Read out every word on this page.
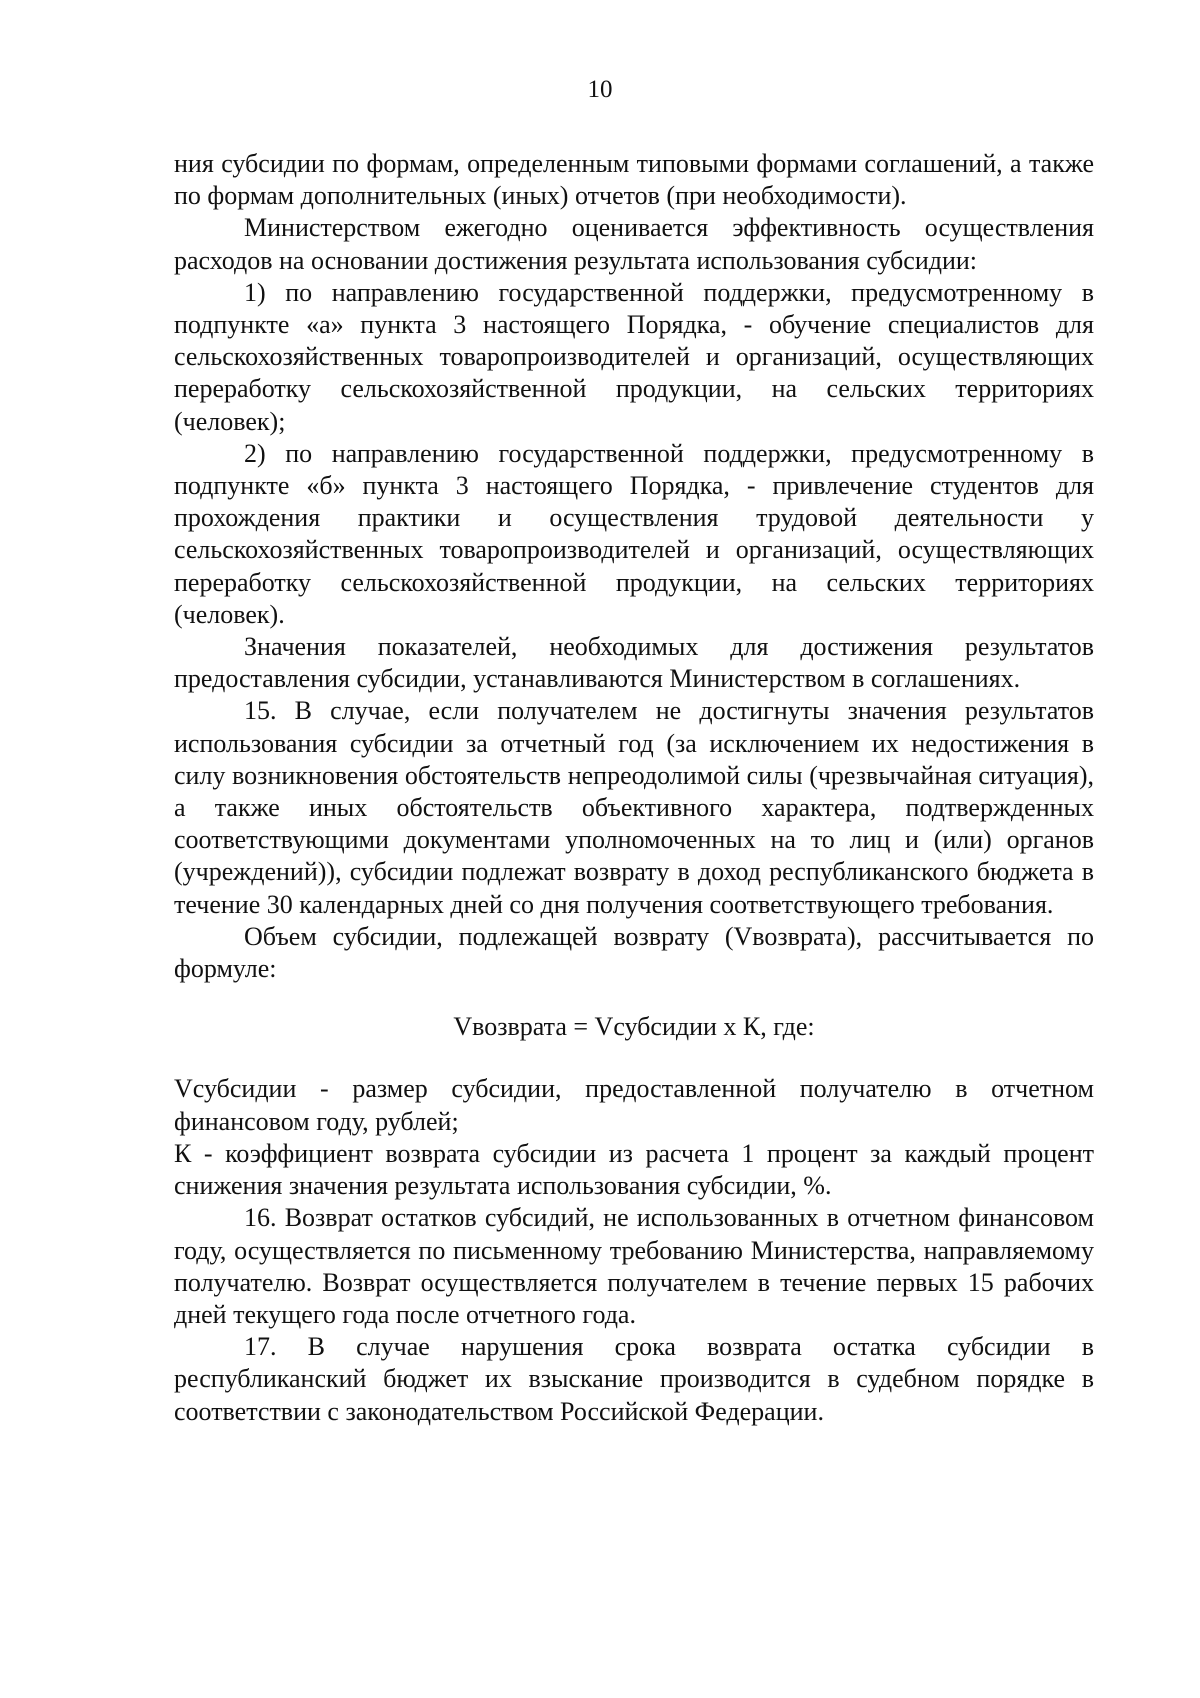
10

ния субсидии по формам, определенным типовыми формами соглашений, а также по формам дополнительных (иных) отчетов (при необходимости).

Министерством ежегодно оценивается эффективность осуществления расходов на основании достижения результата использования субсидии:

1) по направлению государственной поддержки, предусмотренному в подпункте «а» пункта 3 настоящего Порядка, - обучение специалистов для сельскохозяйственных товаропроизводителей и организаций, осуществляющих переработку сельскохозяйственной продукции, на сельских территориях (человек);

2) по направлению государственной поддержки, предусмотренному в подпункте «б» пункта 3 настоящего Порядка, - привлечение студентов для прохождения практики и осуществления трудовой деятельности у сельскохозяйственных товаропроизводителей и организаций, осуществляющих переработку сельскохозяйственной продукции, на сельских территориях (человек).

Значения показателей, необходимых для достижения результатов предоставления субсидии, устанавливаются Министерством в соглашениях.

15. В случае, если получателем не достигнуты значения результатов использования субсидии за отчетный год (за исключением их недостижения в силу возникновения обстоятельств непреодолимой силы (чрезвычайная ситуация), а также иных обстоятельств объективного характера, подтвержденных соответствующими документами уполномоченных на то лиц и (или) органов (учреждений)), субсидии подлежат возврату в доход республиканского бюджета в течение 30 календарных дней со дня получения соответствующего требования.

Объем субсидии, подлежащей возврату (Vвозврата), рассчитывается по формуле:

Vвозврата = Vсубсидии х К, где:

Vсубсидии - размер субсидии, предоставленной получателю в отчетном финансовом году, рублей;

К - коэффициент возврата субсидии из расчета 1 процент за каждый процент снижения значения результата использования субсидии, %.

16. Возврат остатков субсидий, не использованных в отчетном финансовом году, осуществляется по письменному требованию Министерства, направляемому получателю. Возврат осуществляется получателем в течение первых 15 рабочих дней текущего года после отчетного года.

17. В случае нарушения срока возврата остатка субсидии в республиканский бюджет их взыскание производится в судебном порядке в соответствии с законодательством Российской Федерации.
